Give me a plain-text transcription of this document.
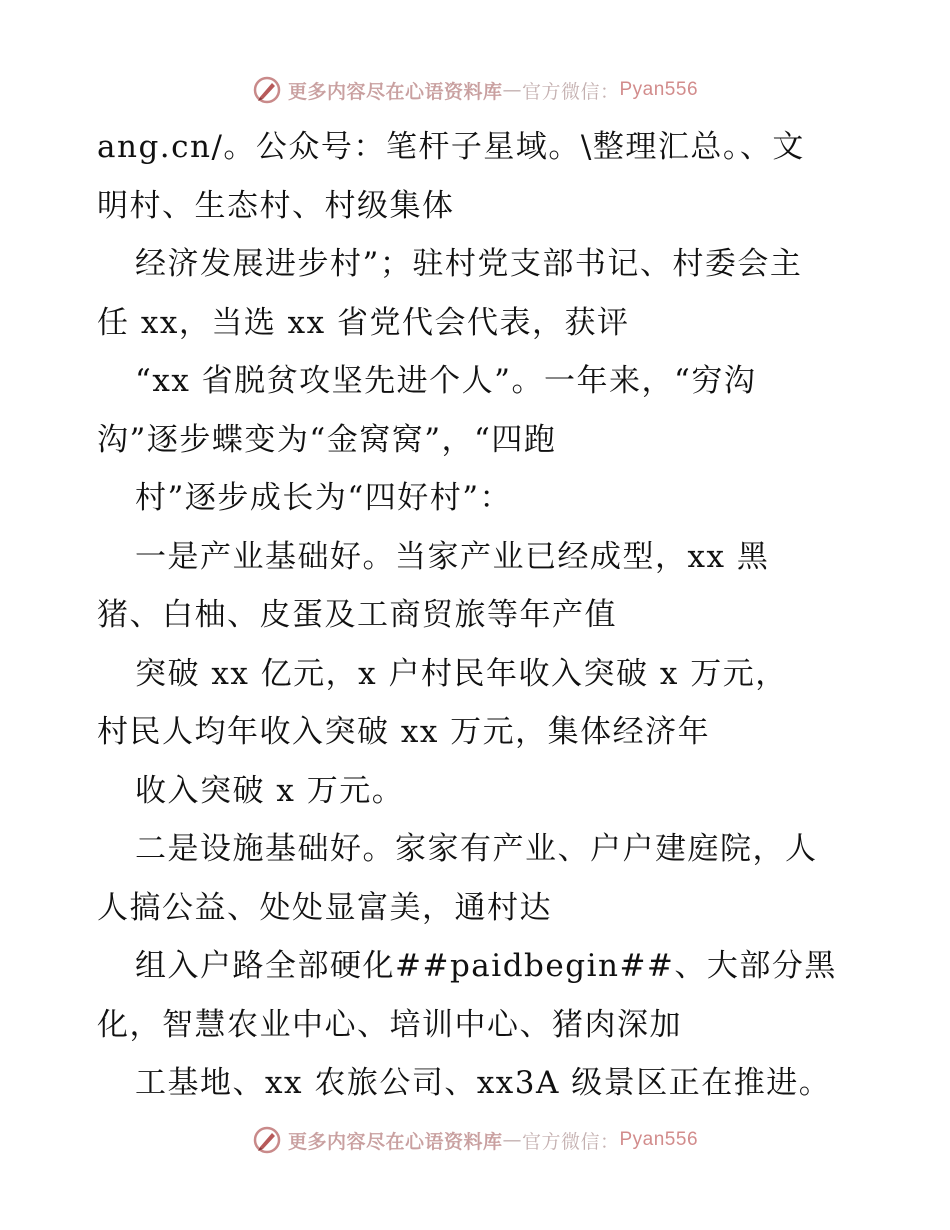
更多内容尽在心语资料库 — 官方微信： Pyan556
ang.cn/。公众号：笔杆子星域。\整理汇总。、文
明村、生态村、村级集体
经济发展进步村”；驻村党支部书记、村委会主
任 xx，当选 xx 省党代会代表，获评
“xx 省脱贫攻坚先进个人”。一年来，“穷沟
沟”逐步蝶变为“金窝窝”，“四跑
村”逐步成长为“四好村”：
一是产业基础好。当家产业已经成型，xx 黑
猪、白柚、皮蛋及工商贸旅等年产值
突破 xx 亿元，x 户村民年收入突破 x 万元，
村民人均年收入突破 xx 万元，集体经济年
收入突破 x 万元。
二是设施基础好。家家有产业、户户建庭院，人
人搞公益、处处显富美，通村达
组入户路全部硬化##paidbegin##、大部分黑
化，智慧农业中心、培训中心、猪肉深加
工基地、xx 农旅公司、xx3A 级景区正在推进。
更多内容尽在心语资料库 — 官方微信： Pyan556
